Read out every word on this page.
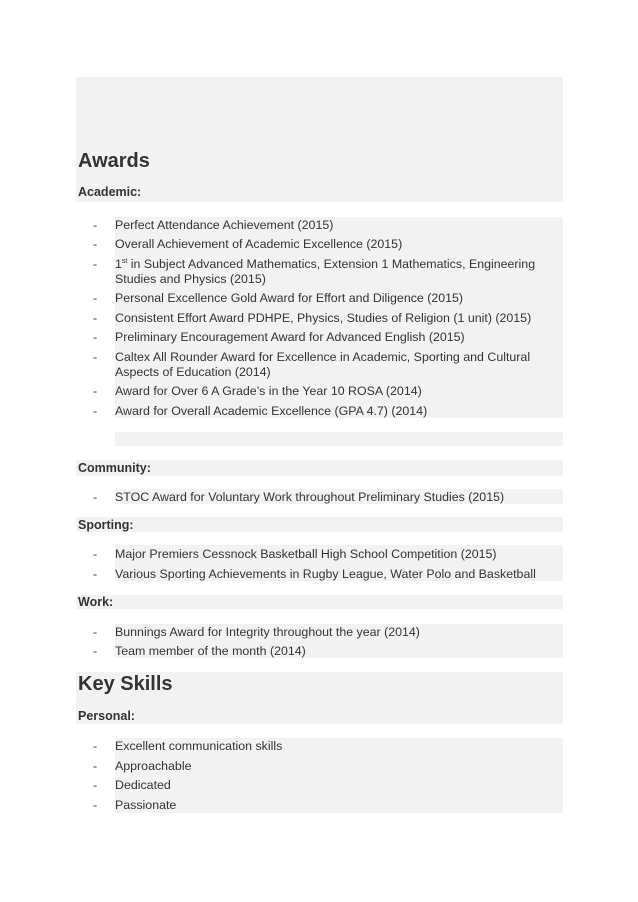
Awards
Academic:
- Perfect Attendance Achievement (2015)
- Overall Achievement of Academic Excellence (2015)
- 1st in Subject Advanced Mathematics, Extension 1 Mathematics, Engineering Studies and Physics (2015)
- Personal Excellence Gold Award for Effort and Diligence (2015)
- Consistent Effort Award PDHPE, Physics, Studies of Religion (1 unit) (2015)
- Preliminary Encouragement Award for Advanced English (2015)
- Caltex All Rounder Award for Excellence in Academic, Sporting and Cultural Aspects of Education (2014)
- Award for Over 6 A Grade’s in the Year 10 ROSA (2014)
- Award for Overall Academic Excellence (GPA 4.7) (2014)
Community:
- STOC Award for Voluntary Work throughout Preliminary Studies (2015)
Sporting:
- Major Premiers Cessnock Basketball High School Competition (2015)
- Various Sporting Achievements in Rugby League, Water Polo and Basketball
Work:
- Bunnings Award for Integrity throughout the year (2014)
- Team member of the month (2014)
Key Skills
Personal:
- Excellent communication skills
- Approachable
- Dedicated
- Passionate
